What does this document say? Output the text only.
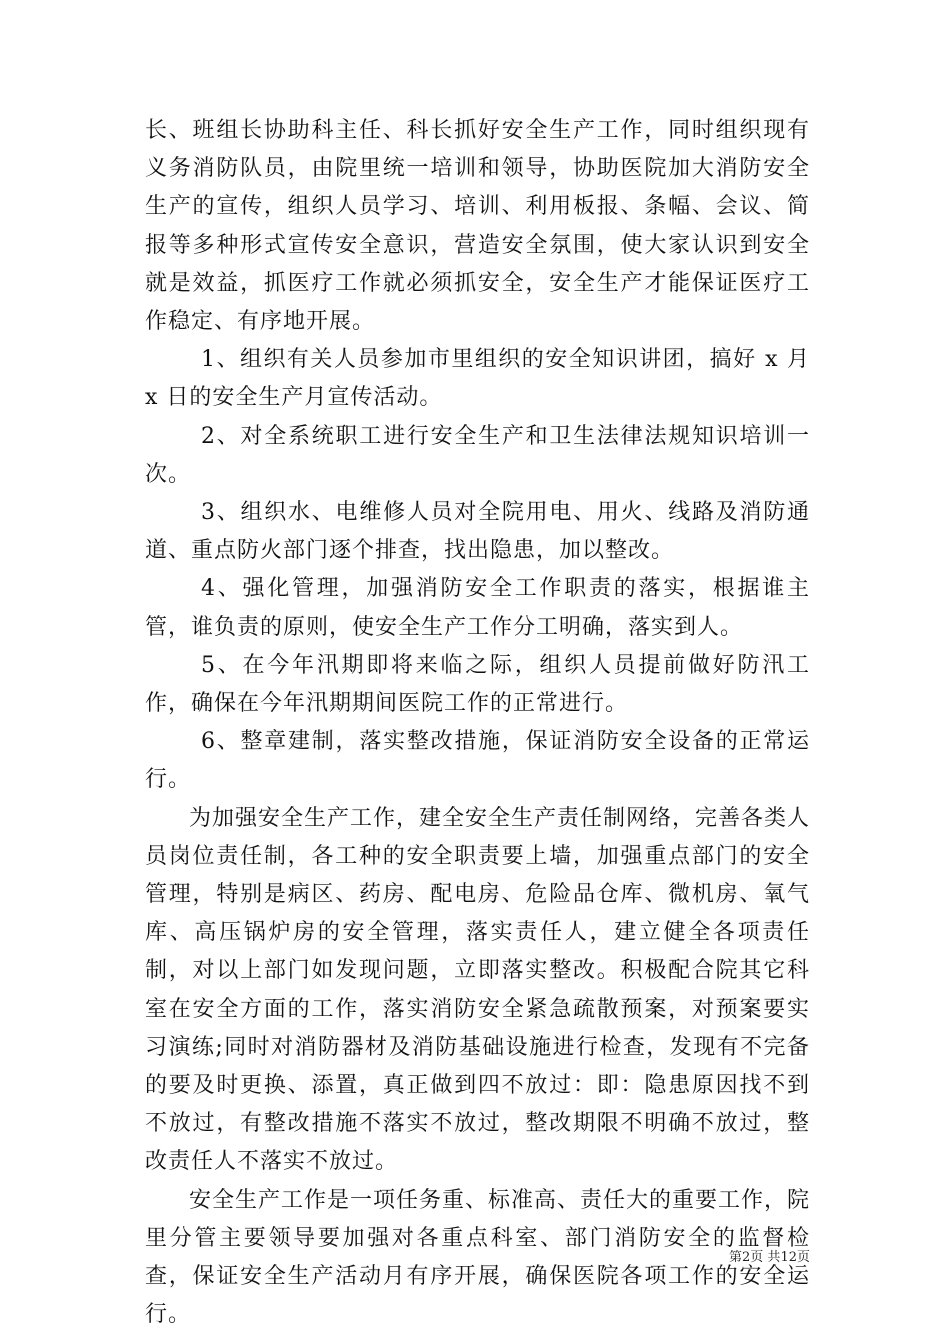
长、班组长协助科主任、科长抓好安全生产工作，同时组织现有义务消防队员，由院里统一培训和领导，协助医院加大消防安全生产的宣传，组织人员学习、培训、利用板报、条幅、会议、简报等多种形式宣传安全意识，营造安全氛围，使大家认识到安全就是效益，抓医疗工作就必须抓安全，安全生产才能保证医疗工作稳定、有序地开展。

1、组织有关人员参加市里组织的安全知识讲团，搞好 x 月 x 日的安全生产月宣传活动。

2、对全系统职工进行安全生产和卫生法律法规知识培训一次。

3、组织水、电维修人员对全院用电、用火、线路及消防通道、重点防火部门逐个排查，找出隐患，加以整改。

4、强化管理，加强消防安全工作职责的落实，根据谁主管，谁负责的原则，使安全生产工作分工明确，落实到人。

5、在今年汛期即将来临之际，组织人员提前做好防汛工作，确保在今年汛期期间医院工作的正常进行。

6、整章建制，落实整改措施，保证消防安全设备的正常运行。

为加强安全生产工作，建全安全生产责任制网络，完善各类人员岗位责任制，各工种的安全职责要上墙，加强重点部门的安全管理，特别是病区、药房、配电房、危险品仓库、微机房、氧气库、高压锅炉房的安全管理，落实责任人，建立健全各项责任制，对以上部门如发现问题，立即落实整改。积极配合院其它科室在安全方面的工作，落实消防安全紧急疏散预案，对预案要实习演练;同时对消防器材及消防基础设施进行检查，发现有不完备的要及时更换、添置，真正做到四不放过：即：隐患原因找不到不放过，有整改措施不落实不放过，整改期限不明确不放过，整改责任人不落实不放过。

安全生产工作是一项任务重、标准高、责任大的重要工作，院里分管主要领导要加强对各重点科室、部门消防安全的监督检查，保证安全生产活动月有序开展，确保医院各项工作的安全运行。

第2页 共12页
